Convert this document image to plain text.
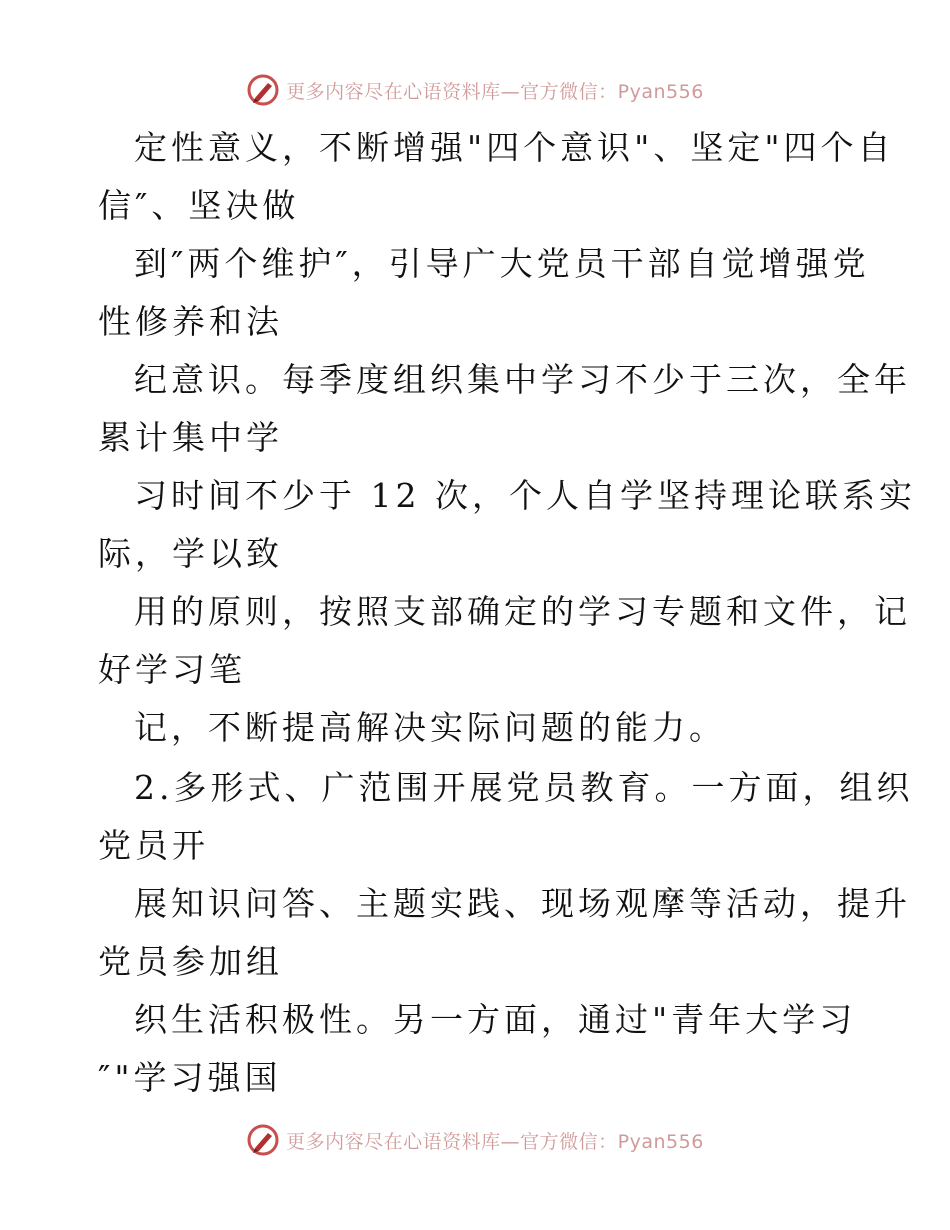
更多内容尽在心语资料库—官方微信：Pyan556
定性意义，不断增强"四个意识"、坚定"四个自
信″、坚决做
到″两个维护″，引导广大党员干部自觉增强党
性修养和法
纪意识。每季度组织集中学习不少于三次，全年
累计集中学
习时间不少于 12 次，个人自学坚持理论联系实
际，学以致
用的原则，按照支部确定的学习专题和文件，记
好学习笔
记，不断提高解决实际问题的能力。
2.多形式、广范围开展党员教育。一方面，组织
党员开
展知识问答、主题实践、现场观摩等活动，提升
党员参加组
织生活积极性。另一方面，通过"青年大学习
″"学习强国
更多内容尽在心语资料库—官方微信：Pyan556
